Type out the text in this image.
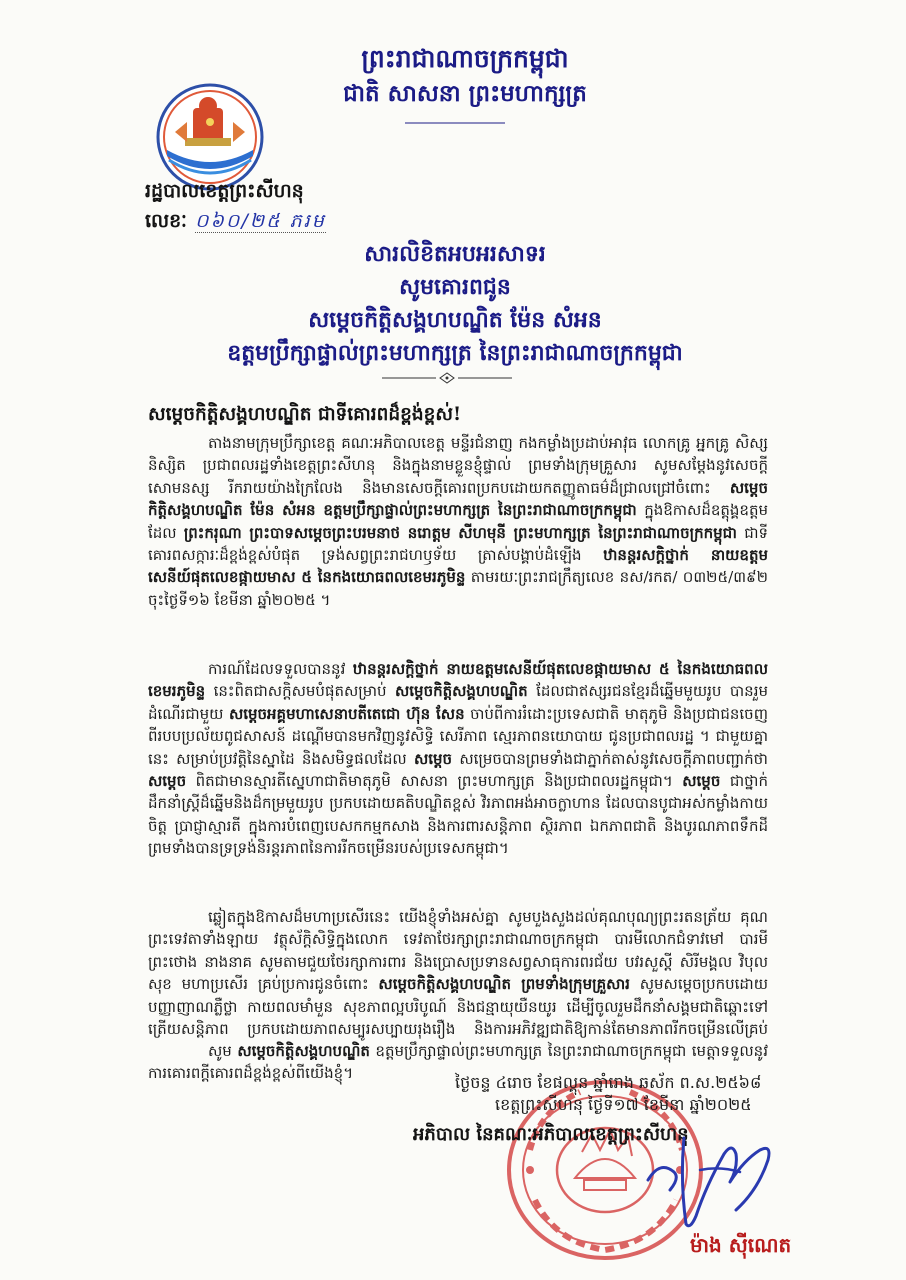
ព្រះរាជាណាចក្រកម្ពុជា
ជាតិ សាសនា ព្រះមហាក្សត្រ
រដ្ឋបាលខេត្តព្រះសីហនុ
លេខៈ ០៦០/២៥ ភរម
សារលិខិតអបអរសាទរ
សូមគោរពជូន
សម្តេចកិត្តិសង្គហបណ្ឌិត ម៉ែន សំអន
ឧត្តមប្រឹក្សាផ្ទាល់ព្រះមហាក្សត្រ នៃព្រះរាជាណាចក្រកម្ពុជា
សម្តេចកិត្តិសង្គហបណ្ឌិត ជាទីគោរពដ៏ខ្ពង់ខ្ពស់!

តាងនាមក្រុមប្រឹក្សាខេត្ត គណៈអភិបាលខេត្ត មន្ទីរជំនាញ កងកម្លាំងប្រដាប់អាវុធ លោកគ្រូ អ្នកគ្រូ សិស្ស និស្សិត ប្រជាពលរដ្ឋទាំងខេត្តព្រះសីហនុ និងក្នុងនាមខ្លួនខ្ញុំផ្ទាល់ ព្រមទាំងក្រុមគ្រួសារ សូមសម្តែងនូវសេចក្តីសោមនស្ស រីករាយយ៉ាងក្រៃលែង និងមានសេចក្តីគោរពប្រកបដោយកតញ្ញូតាធម៌ដ៏ជ្រាលជ្រៅចំពោះ សម្តេចកិត្តិសង្គហបណ្ឌិត ម៉ែន សំអន ឧត្តមប្រឹក្សាផ្ទាល់ព្រះមហាក្សត្រ នៃព្រះរាជាណាចក្រកម្ពុជា ក្នុងឱកាសដ៏ឧត្តុង្គឧត្តមដែល ព្រះករុណា ព្រះបាទសម្តេចព្រះបរមនាថ នរោត្តម សីហមុនី ព្រះមហាក្សត្រ នៃព្រះរាជាណាចក្រកម្ពុជា ជាទីគោរពសក្ការៈដ៏ខ្ពង់ខ្ពស់បំផុត ទ្រង់សព្វព្រះរាជហឫទ័យ ត្រាស់បង្គាប់ដំឡើង ឋានន្តរសក្តិថ្នាក់ នាយឧត្តមសេនីយ៍ផុតលេខផ្កាយមាស ៥ នៃកងយោធពលខេមរភូមិន្ទ តាមរយៈព្រះរាជក្រឹត្យលេខ នស/រកត/ ០៣២៥/៣៩២ ចុះថ្ងៃទី១៦ ខែមីនា ឆ្នាំ២០២៥ ។

ការណ៍ដែលទទួលបាននូវ ឋានន្តរសក្តិថ្នាក់ នាយឧត្តមសេនីយ៍ផុតលេខផ្កាយមាស ៥ នៃកងយោធពលខេមរភូមិន្ទ នេះពិតជាសក្តិសមបំផុតសម្រាប់ សម្តេចកិត្តិសង្គហបណ្ឌិត ដែលជាឥស្សរជនខ្មែរដ៏ឆ្នើមមួយរូប បានរួមដំណើរជាមួយ សម្តេចអគ្គមហាសេនាបតីតេជោ ហ៊ុន សែន ចាប់ពីការរំដោះប្រទេសជាតិ មាតុភូមិ និងប្រជាជនចេញពីរបបប្រល័យពូជសាសន៍ ដណ្តើមបានមកវិញនូវសិទ្ធិ សេរីភាព ស្មេរភាពនយោបាយ ជូនប្រជាពលរដ្ឋ ។ ជាមួយគ្នានេះ សម្រាប់ប្រវត្តិនៃស្នាដៃ និងសមិទ្ធផលដែល សម្តេច សម្រេចបានព្រមទាំងជាភ្នាក់តាស់នូវសេចក្តីភាពបញ្ជាក់ថា សម្តេច ពិតជាមានស្មារតីស្នេហាជាតិមាតុភូមិ សាសនា ព្រះមហាក្សត្រ និងប្រជាពលរដ្ឋកម្ពុជា។ សម្តេច ជាថ្នាក់ដឹកនាំស្ត្រីដ៏ឆ្នើមនិងដ៏កម្រមួយរូប ប្រកបដោយគតិបណ្ឌិតខ្ពស់ វិរភាពអង់អាចក្លាហាន ដែលបានបូជាអស់កម្លាំងកាយចិត្ត ប្រាជ្ញាស្មារតី ក្នុងការបំពេញបេសកកម្មកសាង និងការពារសន្តិភាព ស្ថិរភាព ឯកភាពជាតិ និងបូរណភាពទឹកដី ព្រមទាំងបានទ្រទ្រង់និរន្តរភាពនៃការរីកចម្រើនរបស់ប្រទេសកម្ពុជា។

ឆ្លៀតក្នុងឱកាសដ៏មហាប្រសើរនេះ យើងខ្ញុំទាំងអស់គ្នា សូមបួងសួងដល់គុណបុណ្យព្រះរតនត្រ័យ គុណព្រះទេវតាទាំងឡាយ វត្ថុស័ក្តិសិទ្ធិក្នុងលោក ទេវតាថែរក្សាព្រះរាជាណាចក្រកម្ពុជា បារមីលោកជំទាវមៅ បារមីព្រះថោង នាងនាគ សូមតាមជួយថែរក្សាការពារ និងប្រោសប្រទានសព្វសាធុការពរជ័យ បវរសួស្តី សិរីមង្គល វិបុលសុខ មហាប្រសើរ គ្រប់ប្រការជូនចំពោះ សម្តេចកិត្តិសង្គហបណ្ឌិត ព្រមទាំងក្រុមគ្រួសារ សូមសម្តេចប្រកបដោយបញ្ញាញាណភ្លឺថ្លា កាយពលមាំមួន សុខភាពល្អបរិបូណ៍ និងជន្មាយុយឺនយូរ ដើម្បីចូលរួមដឹកនាំសង្គមជាតិឆ្ពោះទៅត្រើយសន្តិភាព ប្រកបដោយភាពសម្បូរសប្បាយរុងរឿង និងការអភិវឌ្ឍជាតិឱ្យកាន់តែមានភាពរីកចម្រើនលើគ្រប់

សូម សម្តេចកិត្តិសង្គហបណ្ឌិត ឧត្តមប្រឹក្សាផ្ទាល់ព្រះមហាក្សត្រ នៃព្រះរាជាណាចក្រកម្ពុជា មេត្តាទទួលនូវការគោរពក្តីគោរពដ៏ខ្ពង់ខ្ពស់ពីយើងខ្ញុំ។	ថ្ងៃចន្ទ ៤រោច ខែផល្គុន ឆ្នាំរោង ឆស័ក ព.ស.២៥៦៨
ខេត្តព្រះសីហនុ ថ្ងៃទី១៧ ខែមីនា ឆ្នាំ២០២៥
អភិបាល នៃគណៈអភិបាលខេត្តព្រះសីហនុ
ម៉ាង ស៊ីណេត
